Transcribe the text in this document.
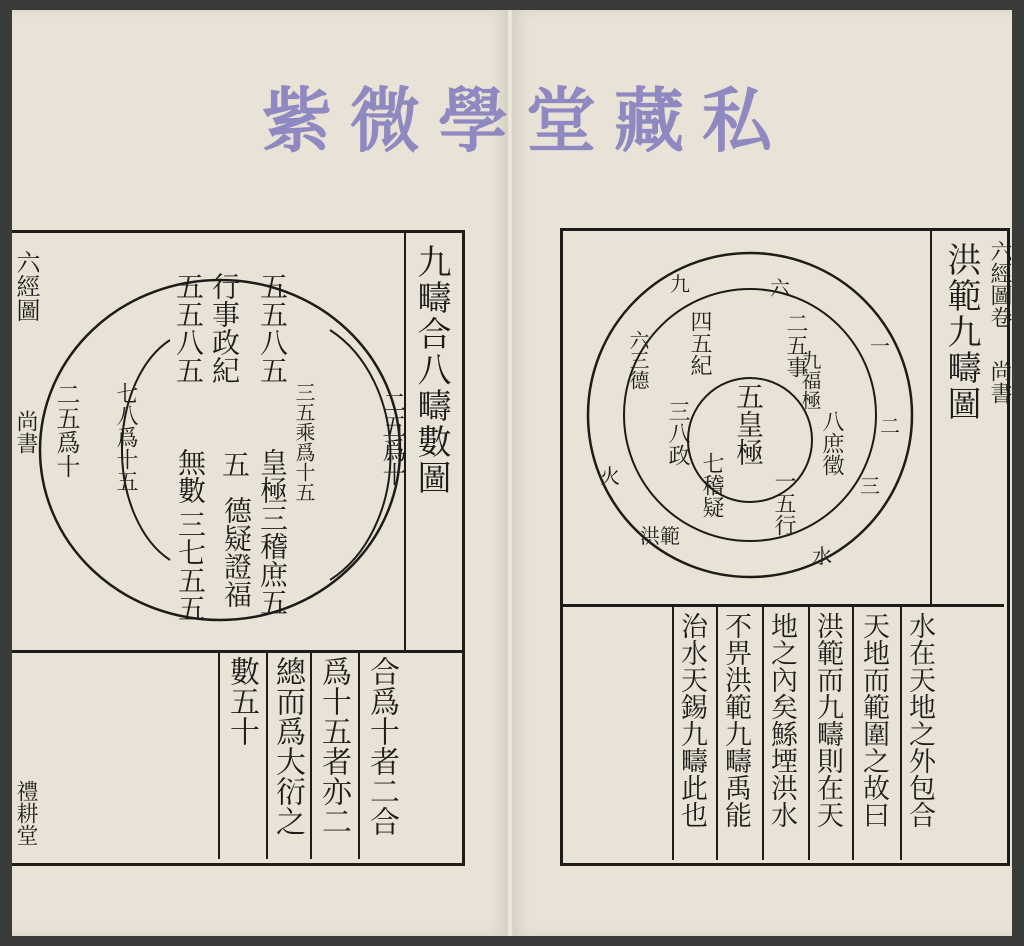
紫 微 學 堂 藏 私
九疇合八疇數圖
六經圖
尚書
禮耕堂
二五爲十
二五爲十	三五乘爲十五
七八爲十五
五五八五
行事政紀
五五八五
五 皇極三稽庶五
無數
德疑證福
三七五五
合爲十者二合
爲十五者亦二
總而爲大衍之
數五十
洪範九疇圖 六經圖卷
尚書
五皇極
二五事
一五行
四五紀
三八政
七稽疑
八庶徵
六三德	九福極
洪範
一
三
水
火
九	六
二
水在天地之外包合
天地而範圍之故曰
洪範而九疇則在天
地之內矣鯀堙洪水
不畀洪範九疇禹能
治水天錫九疇此也
